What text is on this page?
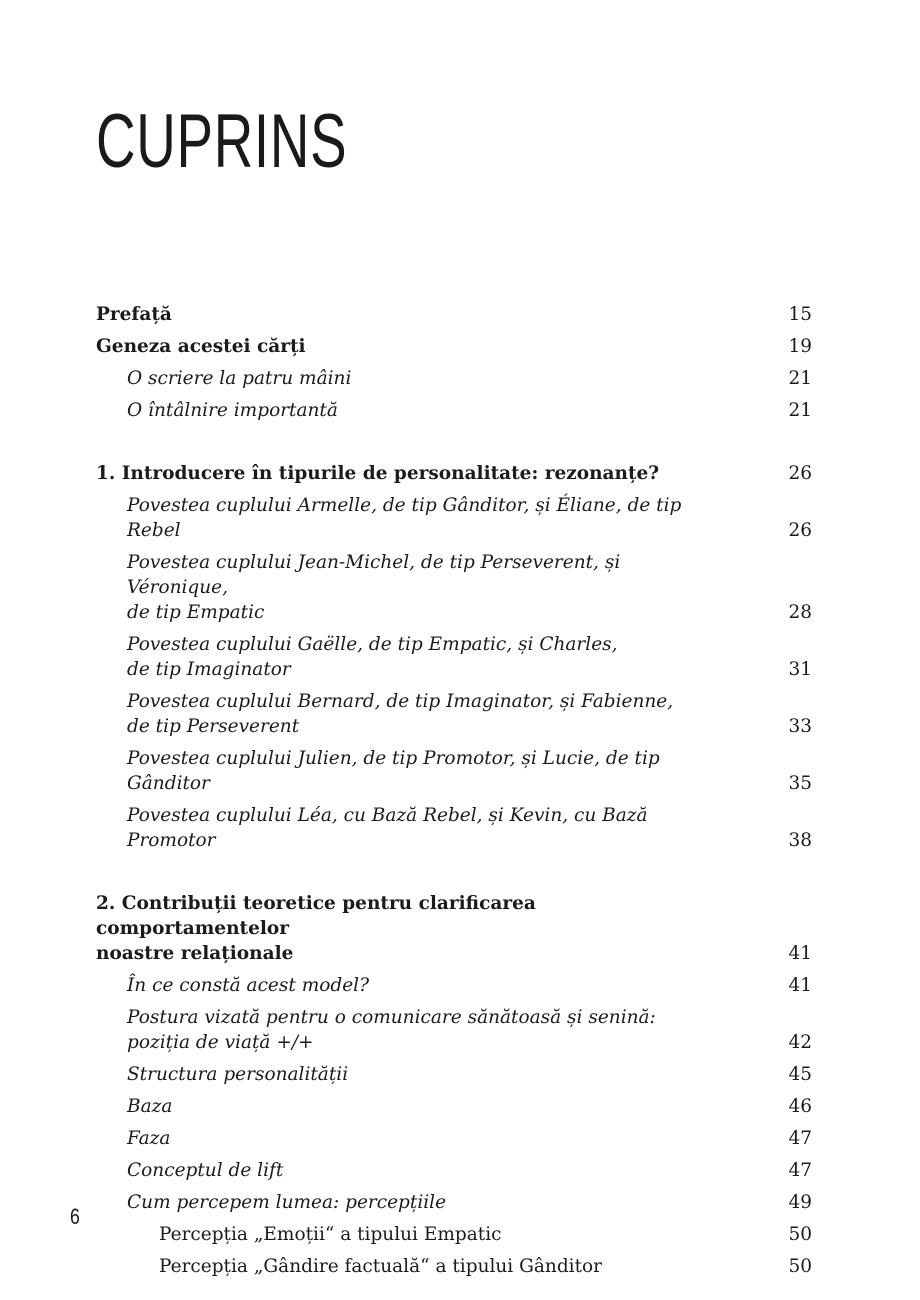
CUPRINS
Prefață	15
Geneza acestei cărți	19
O scriere la patru mâini	21
O întâlnire importantă	21
1. Introducere în tipurile de personalitate: rezonanțe?	26
Povestea cuplului Armelle, de tip Gânditor, și Éliane, de tip Rebel	26
Povestea cuplului Jean-Michel, de tip Perseverent, și Véronique,
de tip Empatic	28
Povestea cuplului Gaëlle, de tip Empatic, și Charles,
de tip Imaginator	31
Povestea cuplului Bernard, de tip Imaginator, și Fabienne,
de tip Perseverent	33
Povestea cuplului Julien, de tip Promotor, și Lucie, de tip Gânditor	35
Povestea cuplului Léa, cu Bază Rebel, și Kevin, cu Bază Promotor	38
2. Contribuții teoretice pentru clarificarea comportamentelor
noastre relaționale	41
În ce constă acest model?	41
Postura vizată pentru o comunicare sănătoasă și senină:
poziția de viață +/+	42
Structura personalității	45
Baza	46
Faza	47
Conceptul de lift	47
Cum percepem lumea: percepțiile	49
Percepția „Emoții“ a tipului Empatic	50
Percepția „Gândire factuală“ a tipului Gânditor	50
6
